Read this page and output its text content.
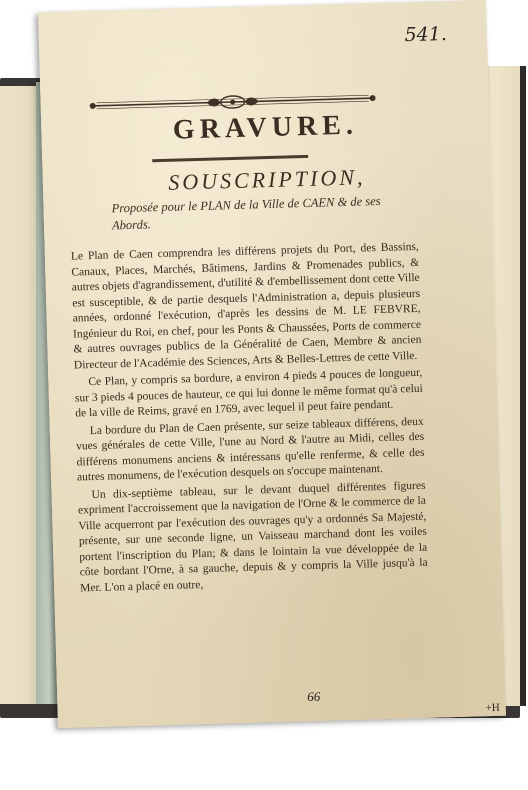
541.
GRAVURE.
SOUSCRIPTION,
Proposée pour le PLAN de la Ville de CAEN & de ses Abords.

Le Plan de Caen comprendra les différens projets du Port, des Bassins, Canaux, Places, Marchés, Bâtimens, Jardins & Promenades publics, & autres objets d'agrandissement, d'utilité & d'embellissement dont cette Ville est susceptible, & de partie desquels l'Administration a, depuis plusieurs années, ordonné l'exécution, d'après les dessins de M. LE FEBVRE, Ingénieur du Roi, en chef, pour les Ponts & Chaussées, Ports de commerce & autres ouvrages publics de la Généralité de Caen, Membre & ancien Directeur de l'Académie des Sciences, Arts & Belles-Lettres de cette Ville.

Ce Plan, y compris sa bordure, a environ 4 pieds 4 pouces de longueur, sur 3 pieds 4 pouces de hauteur, ce qui lui donne le même format qu'à celui de la ville de Reims, gravé en 1769, avec lequel il peut faire pendant.

La bordure du Plan de Caen présente, sur seize tableaux différens, deux vues générales de cette Ville, l'une au Nord & l'autre au Midi, celles des différens monumens anciens & intéressans qu'elle renferme, & celle des autres monumens, de l'exécution desquels on s'occupe maintenant.

Un dix-septième tableau, sur le devant duquel différentes figures expriment l'accroissement que la navigation de l'Orne & le commerce de la Ville acquerront par l'exécution des ouvrages qu'y a ordonnés Sa Majesté, présente, sur une seconde ligne, un Vaisseau marchand dont les voiles portent l'inscription du Plan; & dans le lointain la vue développée de la côte bordant l'Orne, à sa gauche, depuis & y compris la Ville jusqu'à la Mer. L'on a placé en outre,

66
+H
